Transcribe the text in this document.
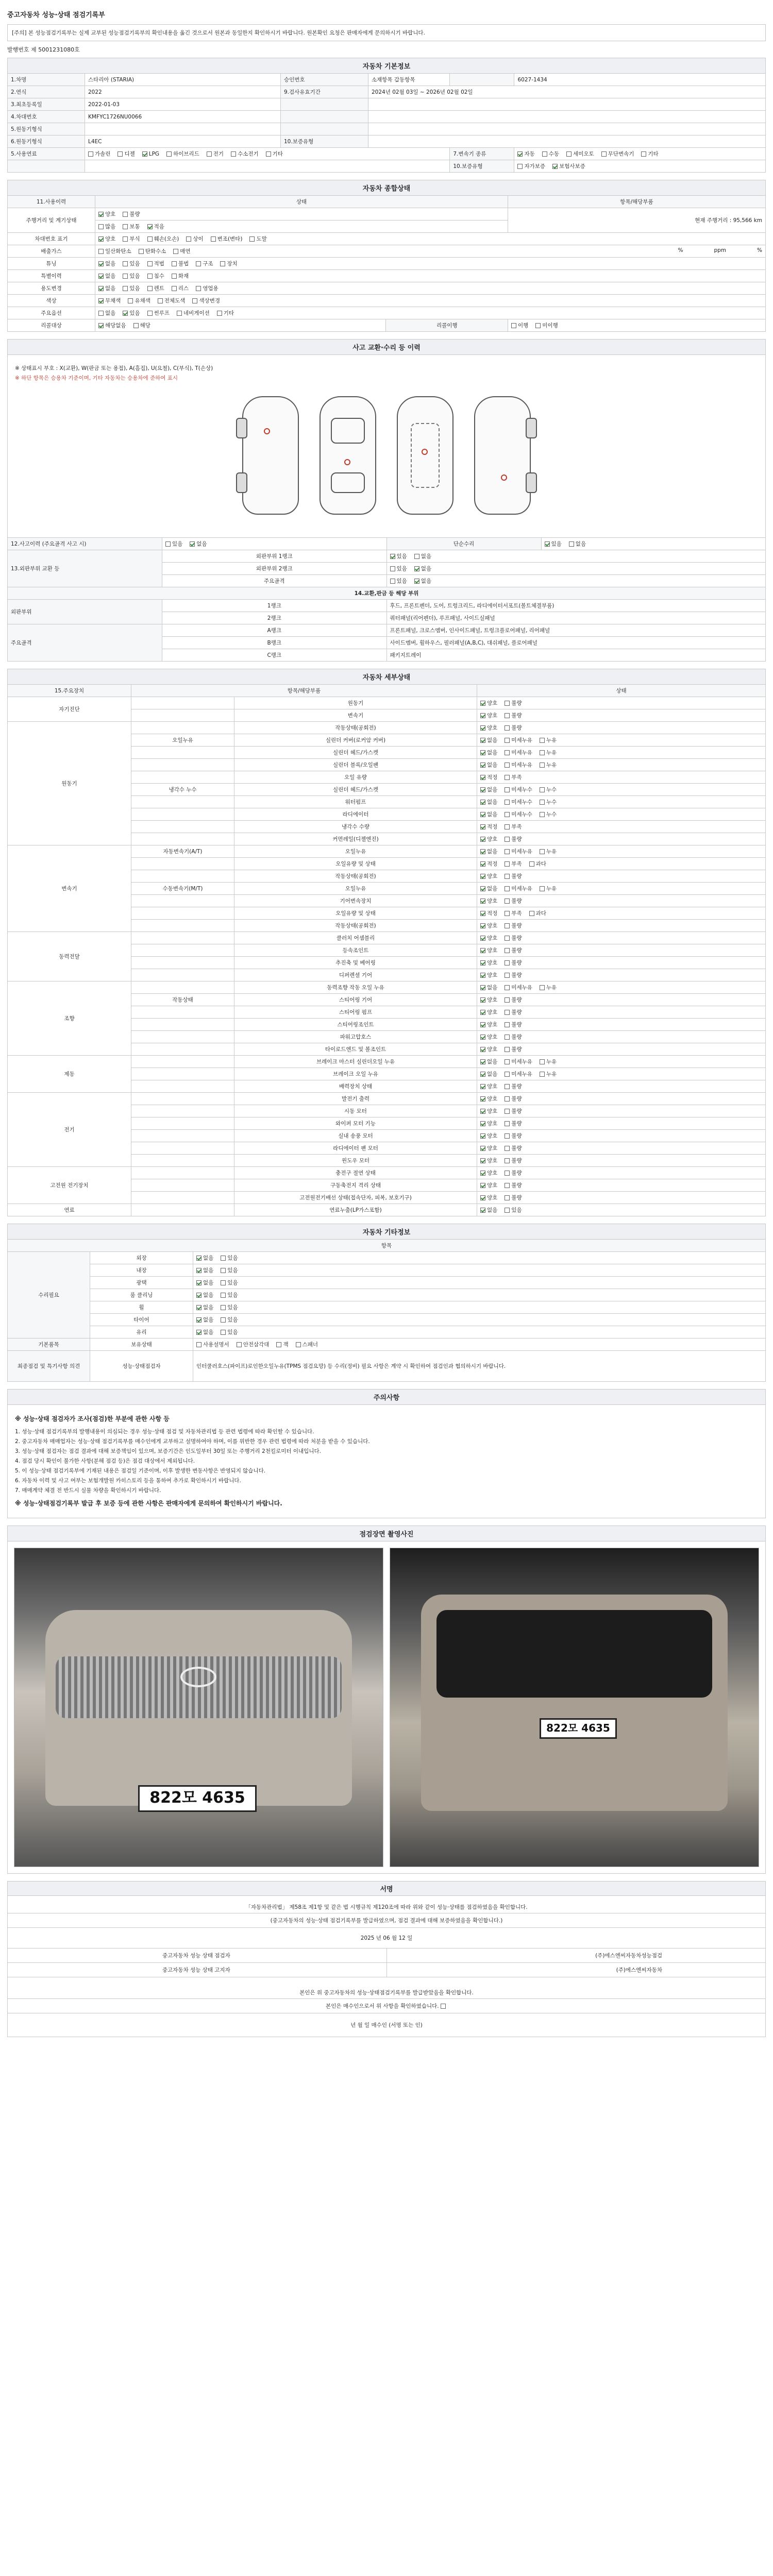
중고자동차 성능·상태 점검기록부
[주의] 본 성능점검기록부는 실제 교부된 성능점검기록부의 확인내용을 옮긴 것으로서 원본과 동일한지 확인하시기 바랍니다. 원본확인 요청은 판매자에게 문의하시기 바랍니다.
발행번호 제 5001231080호
자동차 기본정보					
1.차명	스타리아 (STARIA)	승인번호	소재항목 갑동항목		6027-1434
2.연식	2022	9.검사유효기간	2024년 02월 03일 ~ 2026년 02월 02일		
3.최초등록일	2022-01-03				
4.차대번호	KMFYC1726NU0066				
5.원동기형식					
6.원동기형식	L4EC	10.보증유형			
5.사용연료	가솔린 디젤 LPG 하이브리드 전기 수소전기 기타			7.변속기 종류	자동 수동 세미오토 무단변속기 기타
				10.보증유형	자가보증 보험사보증
자동차 종합상태			
11.사용이력	상태		항목/해당부품
주행거리 및 계기상태	양호 불량		현재 주행거리 : 95,566 km
	많음 보통 적음		
차대번호 표기	양호 부식 훼손(오손) 상이 변조(변타) 도말		
배출가스	일산화탄소 탄화수소 매연 % ppm %		

튜닝	없음 있음 적법 불법 구조 장치		
특별이력	없음 있음 침수 화재		
용도변경	없음 있음 렌트 리스 영업용		
색상	무채색 유채색 전체도색 색상변경		
주요옵션	없음 있음 썬루프 네비게이션 기타		
리콜대상	해당없음 해당	리콜이행	이행 미이행
사고 교환·수리 등 이력			

※ 상태표시 부호 : X(교환), W(판금 또는 용접), A(흠집), U(요철), C(부식), T(손상)
※ 하단 항목은 승용차 기준이며, 기타 자동차는 승용차에 준하여 표시			

12.사고이력 (주요골격 사고 시)	있음 없음	단순수리	있음 없음
13.외판부위 교환 등	외판부위 1랭크	있음 없음	
	외판부위 2랭크	있음 없음	
	주요골격	있음 없음	
14.교환,판금 등 해당 부위			
외판부위	1랭크	후드, 프론트펜더, 도어, 트렁크리드, 라디에이터서포트(볼트체결부품)	
	2랭크	쿼터패널(리어펜더), 루프패널, 사이드실패널	
주요골격	A랭크	프론트패널, 크로스멤버, 인사이드패널, 트렁크플로어패널, 리어패널	
	B랭크	사이드멤버, 휠하우스, 필러패널(A,B,C), 대쉬패널, 플로어패널	
	C랭크	패키지트레이	
자동차 세부상태			
15.주요장치	항목/해당부품		상태
자기진단		원동기	양호 불량
		변속기	양호 불량
원동기		작동상태(공회전)	양호 불량
	오일누유	실린더 커버(로커암 커버)	없음 미세누유 누유
		실린더 헤드/가스켓	없음 미세누유 누유
		실린더 블록/오일팬	없음 미세누유 누유
		오일 유량	적정 부족
	냉각수 누수	실린더 헤드/가스켓	없음 미세누수 누수
		워터펌프	없음 미세누수 누수
		라디에이터	없음 미세누수 누수
		냉각수 수량	적정 부족
		커먼레일(디젤엔진)	양호 불량
변속기	자동변속기(A/T)	오일누유	없음 미세누유 누유
		오일유량 및 상태	적정 부족 과다
		작동상태(공회전)	양호 불량
	수동변속기(M/T)	오일누유	없음 미세누유 누유
		기어변속장치	양호 불량
		오일유량 및 상태	적정 부족 과다
		작동상태(공회전)	양호 불량
동력전달		클러치 어셈블리	양호 불량
		등속조인트	양호 불량
		추진축 및 베어링	양호 불량
		디퍼렌셜 기어	양호 불량
조향		동력조향 작동 오일 누유	없음 미세누유 누유
	작동상태	스티어링 기어	양호 불량
		스티어링 펌프	양호 불량
		스티어링조인트	양호 불량
		파워고압호스	양호 불량
		타이로드엔드 및 볼조인트	양호 불량
제동		브레이크 마스터 실린더오일 누유	없음 미세누유 누유
		브레이크 오일 누유	없음 미세누유 누유
		배력장치 상태	양호 불량
전기		발전기 출력	양호 불량
		시동 모터	양호 불량
		와이퍼 모터 기능	양호 불량
		실내 송풍 모터	양호 불량
		라디에이터 팬 모터	양호 불량
		윈도우 모터	양호 불량
고전원 전기장치		충전구 절연 상태	양호 불량
		구동축전지 격리 상태	양호 불량
		고전원전기배선 상태(접속단자, 피복, 보호기구)	양호 불량
연료		연료누출(LP가스포함)	없음 있음
자동차 기타정보		
항목		
수리필요	외장	없음 있음
	내장	없음 있음
	광택	없음 있음
	룸 클리닝	없음 있음
	휠	없음 있음
	타이어	없음 있음
	유리	없음 있음
기본품목	보유상태	사용설명서 안전삼각대 잭 스패너
최종점검 및 특기사항 의견	성능·상태점검자	인터쿨러호스(파이프)로인한오일누유(TPMS 점검요망) 등 수리(정비) 필요 사항은 계약 시 확인하여 점검인과 협의하시기 바랍니다.
주의사항

※ 성능·상태 점검자가 조사(점검)한 부분에 관한 사항 등

1. 성능·상태 점검기록부의 발행내용이 의심되는 경우 성능·상태 점검 및 자동차관리법 등 관련 법령에 따라 확인할 수 있습니다.

2. 중고자동차 매매업자는 성능·상태 점검기록부를 매수인에게 교부하고 설명하여야 하며, 이를 위반한 경우 관련 법령에 따라 처분을 받을 수 있습니다.

3. 성능·상태 점검자는 점검 결과에 대해 보증책임이 있으며, 보증기간은 인도일부터 30일 또는 주행거리 2천킬로미터 이내입니다.

4. 점검 당시 확인이 불가한 사항(분해 점검 등)은 점검 대상에서 제외됩니다.

5. 이 성능·상태 점검기록부에 기재된 내용은 점검일 기준이며, 이후 발생한 변동사항은 반영되지 않습니다.

6. 자동차 이력 및 사고 여부는 보험개발원 카히스토리 등을 통하여 추가로 확인하시기 바랍니다.

7. 매매계약 체결 전 반드시 실물 차량을 확인하시기 바랍니다.

※ 성능·상태점검기록부 발급 후 보증 등에 관한 사항은 판매자에게 문의하여 확인하시기 바랍니다.

점검장면 촬영사진

822모 4635
822모 4635
서명	
「자동차관리법」 제58조 제1항 및 같은 법 시행규칙 제120조에 따라 위와 같이 성능·상태를 점검하였음을 확인합니다.	
(중고자동차의 성능·상태 점검기록부를 발급하였으며, 점검 결과에 대해 보증하였음을 확인합니다.)	
2025 년 06 월 12 일	
중고자동차 성능 상태 점검자	(주)에스엔씨자동차성능점검
중고자동차 성능 상태 고지자	(주)에스엔씨자동차
본인은 위 중고자동차의 성능·상태점검기록부를 발급받았음을 확인합니다.	
본인은 매수인으로서 위 사항을 확인하였습니다.	
년 월 일 매수인 (서명 또는 인)	
